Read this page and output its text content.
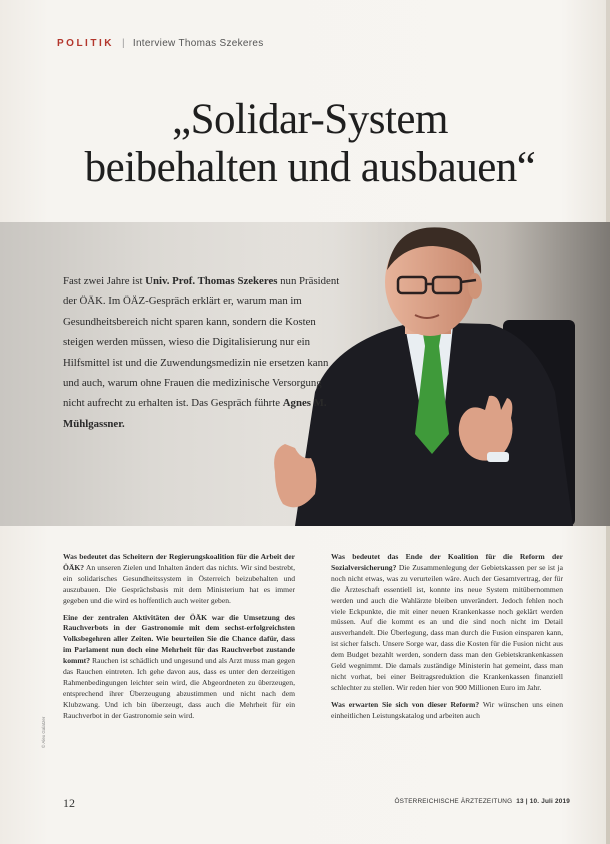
POLITIK | Interview Thomas Szekeres
„Solidar-System
beibehalten und ausbauen“

Fast zwei Jahre ist Univ. Prof. Thomas Szekeres nun Präsident der ÖÄK. Im ÖÄZ-Gespräch erklärt er, warum man im Gesundheitsbereich nicht sparen kann, sondern die Kosten steigen werden müssen, wieso die Digitalisierung nur ein Hilfsmittel ist und die Zuwendungsmedizin nie ersetzen kann und auch, warum ohne Frauen die medizinische Versorgung nicht aufrecht zu erhalten ist. Das Gespräch führte Agnes M. Mühlgassner.

Was bedeutet das Scheitern der Regierungskoalition für die Arbeit der ÖÄK? An unseren Zielen und Inhalten ändert das nichts. Wir sind bestrebt, ein solidarisches Gesundheitssystem in Österreich beizubehalten und auszubauen. Die Gesprächsbasis mit dem Ministerium hat es immer gegeben und die wird es hoffentlich auch weiter geben.

Eine der zentralen Aktivitäten der ÖÄK war die Umsetzung des Rauchverbots in der Gastronomie mit dem sechst-erfolgreichsten Volksbegehren aller Zeiten. Wie beurteilen Sie die Chance dafür, dass im Parlament nun doch eine Mehrheit für das Rauchverbot zustande kommt? Rauchen ist schädlich und ungesund und als Arzt muss man gegen das Rauchen eintreten. Ich gehe davon aus, dass es unter den derzeitigen Rahmenbedingungen leichter sein wird, die Abgeordneten zu überzeugen, entsprechend ihrer Überzeugung abzustimmen und nicht nach dem Klubzwang. Und ich bin überzeugt, dass auch die Mehrheit für ein Rauchverbot in der Gastronomie sein wird.

Was bedeutet das Ende der Koalition für die Reform der Sozialversicherung? Die Zusammenlegung der Gebietskassen per se ist ja noch nicht etwas, was zu verurteilen wäre. Auch der Gesamtvertrag, der für die Ärzteschaft essentiell ist, konnte ins neue System mitübernommen werden und auch die Wahlärzte bleiben unverändert. Jedoch fehlen noch viele Eckpunkte, die mit einer neuen Krankenkasse noch geklärt werden müssen. Auf die kommt es an und die sind noch nicht im Detail ausverhandelt. Die Überlegung, dass man durch die Fusion einsparen kann, ist sicher falsch. Unsere Sorge war, dass die Kosten für die Fusion nicht aus dem Budget bezahlt werden, sondern dass man den Gebietskrankenkassen Geld wegnimmt. Die damals zuständige Ministerin hat gemeint, dass man nicht vorhat, bei einer Beitragsreduktion die Krankenkassen finanziell schlechter zu stellen. Wir reden hier von 900 Millionen Euro im Jahr.

Was erwarten Sie sich von dieser Reform? Wir wünschen uns einen einheitlichen Leistungskatalog und arbeiten auch

© Alex Galatzer
12	ÖSTERREICHISCHE ÄRZTEZEITUNG 13 | 10. Juli 2019
